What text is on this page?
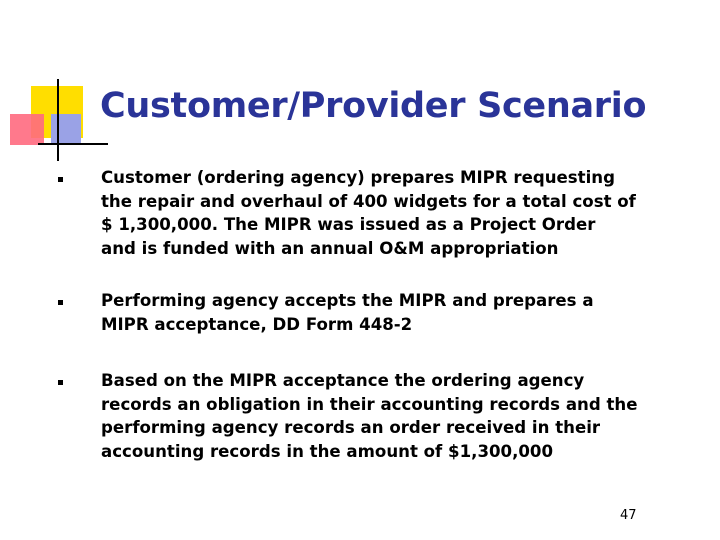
Customer/Provider Scenario
Customer (ordering agency) prepares MIPR requesting
the repair and overhaul of 400 widgets for a total cost of
$ 1,300,000. The MIPR was issued as a Project Order
and is funded with an annual O&M appropriation
Performing agency accepts the MIPR and prepares a
MIPR acceptance, DD Form 448-2
Based on the MIPR acceptance the ordering agency
records an obligation in their accounting records and the
performing agency records an order received in their
accounting records in the amount of $1,300,000
47
